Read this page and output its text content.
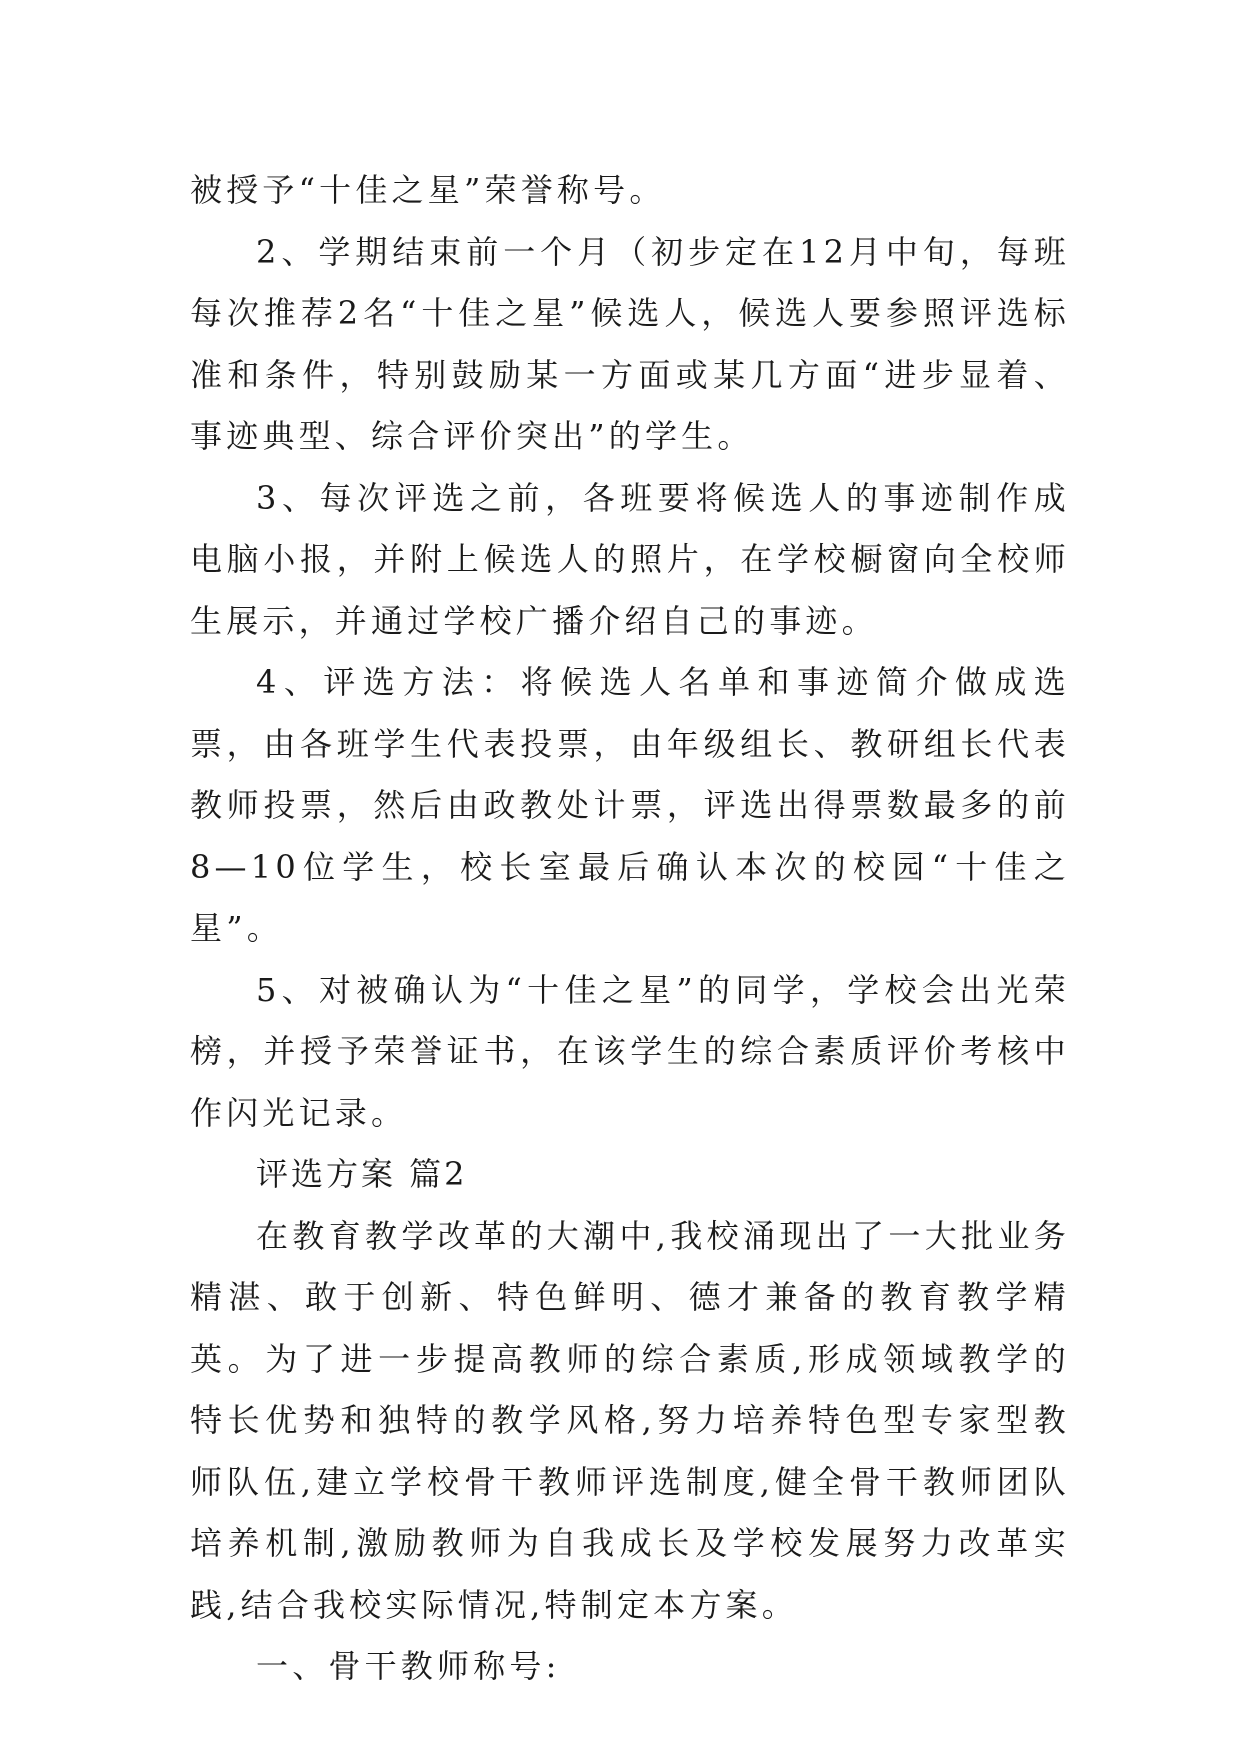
被授予“十佳之星”荣誉称号。

2、学期结束前一个月（初步定在12月中旬，每班每次推荐2名“十佳之星”候选人，候选人要参照评选标准和条件，特别鼓励某一方面或某几方面“进步显着、事迹典型、综合评价突出”的学生。

3、每次评选之前，各班要将候选人的事迹制作成电脑小报，并附上候选人的照片，在学校橱窗向全校师生展示，并通过学校广播介绍自己的事迹。

4、评选方法：将候选人名单和事迹简介做成选票，由各班学生代表投票，由年级组长、教研组长代表教师投票，然后由政教处计票，评选出得票数最多的前8—10位学生，校长室最后确认本次的校园“十佳之星”。

5、对被确认为“十佳之星”的同学，学校会出光荣榜，并授予荣誉证书，在该学生的综合素质评价考核中作闪光记录。

评选方案 篇2

在教育教学改革的大潮中,我校涌现出了一大批业务精湛、敢于创新、特色鲜明、德才兼备的教育教学精英。为了进一步提高教师的综合素质,形成领域教学的特长优势和独特的教学风格,努力培养特色型专家型教师队伍,建立学校骨干教师评选制度,健全骨干教师团队培养机制,激励教师为自我成长及学校发展努力改革实践,结合我校实际情况,特制定本方案。

一、骨干教师称号:
